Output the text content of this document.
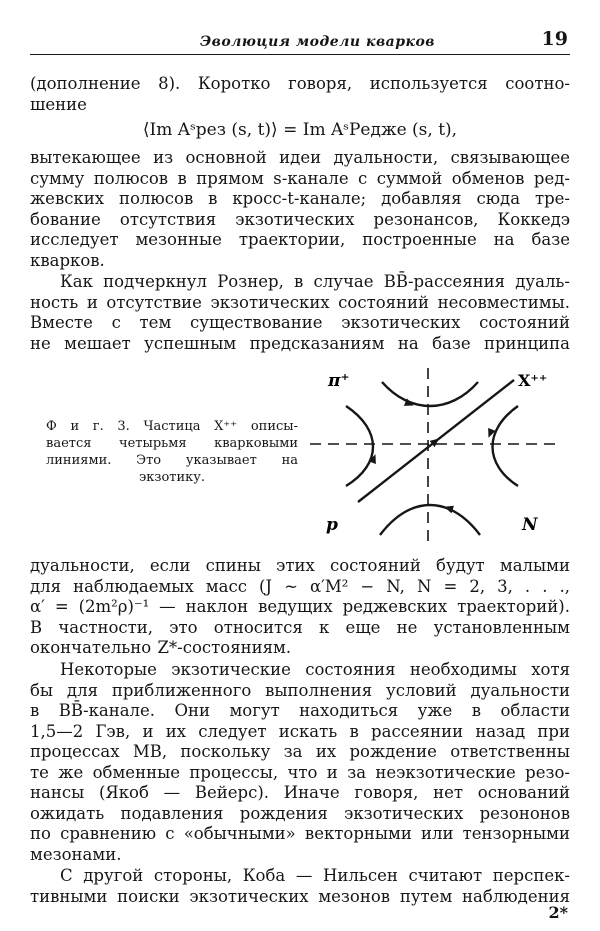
Эволюция модели кварков	19
(дополнение 8). Коротко говоря, используется соотно-
шение
⟨Im Aˢрез (s, t)⟩ = Im AˢРедже (s, t),
вытекающее из основной идеи дуальности, связывающее
сумму полюсов в прямом s-канале с суммой обменов ред-
жевских полюсов в кросс-t-канале; добавляя сюда тре-
бование отсутствия экзотических резонансов, Коккедэ
исследует мезонные траектории, построенные на базе
кварков.
Как подчеркнул Рознер, в случае BB̄-рассеяния дуаль-
ность и отсутствие экзотических состояний несовместимы.
Вместе с тем существование экзотических состояний
не мешает успешным предсказаниям на базе принципа
π⁺	X⁺⁺
p	N
Ф и г. 3. Частица X⁺⁺ описы-
вается четырьмя кварковыми
линиями. Это указывает на
экзотику.
дуальности, если спины этих состояний будут малыми
для наблюдаемых масс (J ~ α′M² − N, N = 2, 3, . . .,
α′ = (2m²ρ)⁻¹ — наклон ведущих реджевских траекторий).
В частности, это относится к еще не установленным
окончательно Z*-состояниям.
Некоторые экзотические состояния необходимы хотя
бы для приближенного выполнения условий дуальности
в BB̄-канале. Они могут находиться уже в области
1,5—2 Гэв, и их следует искать в рассеянии назад при
процессах MB, поскольку за их рождение ответственны
те же обменные процессы, что и за неэкзотические резо-
нансы (Якоб — Вейерс). Иначе говоря, нет оснований
ожидать подавления рождения экзотических резононов
по сравнению с «обычными» векторными или тензорными
мезонами.
С другой стороны, Коба — Нильсен считают перспек-
тивными поиски экзотических мезонов путем наблюдения
2*
